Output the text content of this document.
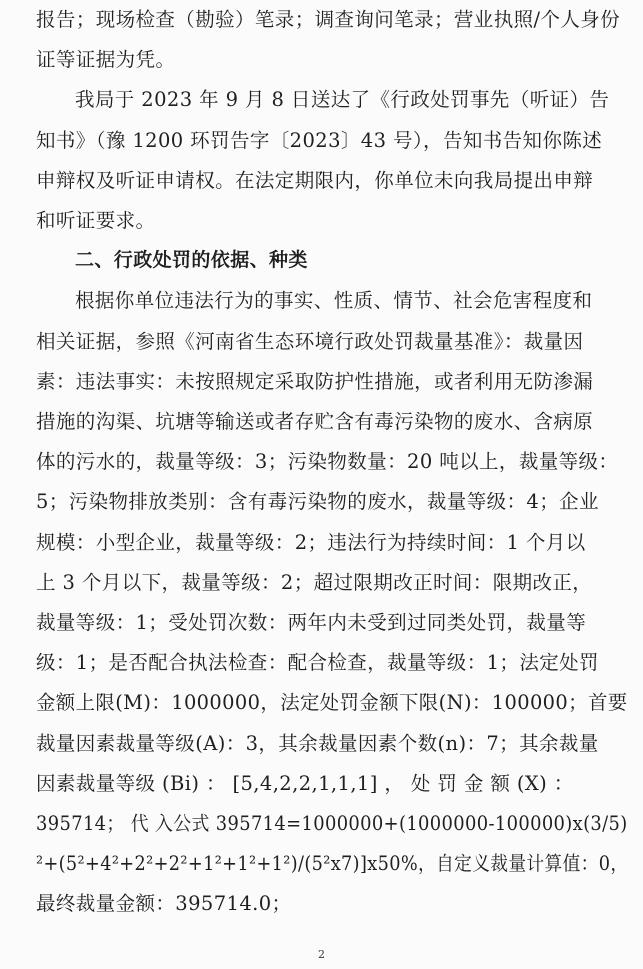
报告；现场检查（勘验）笔录；调查询问笔录；营业执照/个人身份
证等证据为凭。
我局于 2023 年 9 月 8 日送达了《行政处罚事先（听证）告
知书》（豫 1200 环罚告字〔2023〕43 号），告知书告知你陈述
申辩权及听证申请权。在法定期限内，你单位未向我局提出申辩
和听证要求。
二、行政处罚的依据、种类
根据你单位违法行为的事实、性质、情节、社会危害程度和
相关证据，参照《河南省生态环境行政处罚裁量基准》：裁量因
素：违法事实：未按照规定采取防护性措施，或者利用无防渗漏
措施的沟渠、坑塘等输送或者存贮含有毒污染物的废水、含病原
体的污水的，裁量等级：3；污染物数量：20 吨以上，裁量等级：
5；污染物排放类别：含有毒污染物的废水，裁量等级：4；企业
规模：小型企业，裁量等级：2；违法行为持续时间：1 个月以
上 3 个月以下，裁量等级：2；超过限期改正时间：限期改正，
裁量等级：1；受处罚次数：两年内未受到过同类处罚，裁量等
级：1；是否配合执法检查：配合检查，裁量等级：1；法定处罚
金额上限(M)：1000000，法定处罚金额下限(N)：100000；首要
裁量因素裁量等级(A)：3，其余裁量因素个数(n)：7；其余裁量
因素裁量等级 (Bi) ： [5,4,2,2,1,1,1] ， 处 罚 金 额 (X) ：
395714； 代 入公式 395714=1000000+(1000000-100000)x(3/5)
²+(5²+4²+2²+2²+1²+1²+1²)/(5²x7)]x50%，自定义裁量计算值：0，
最终裁量金额：395714.0；
2
